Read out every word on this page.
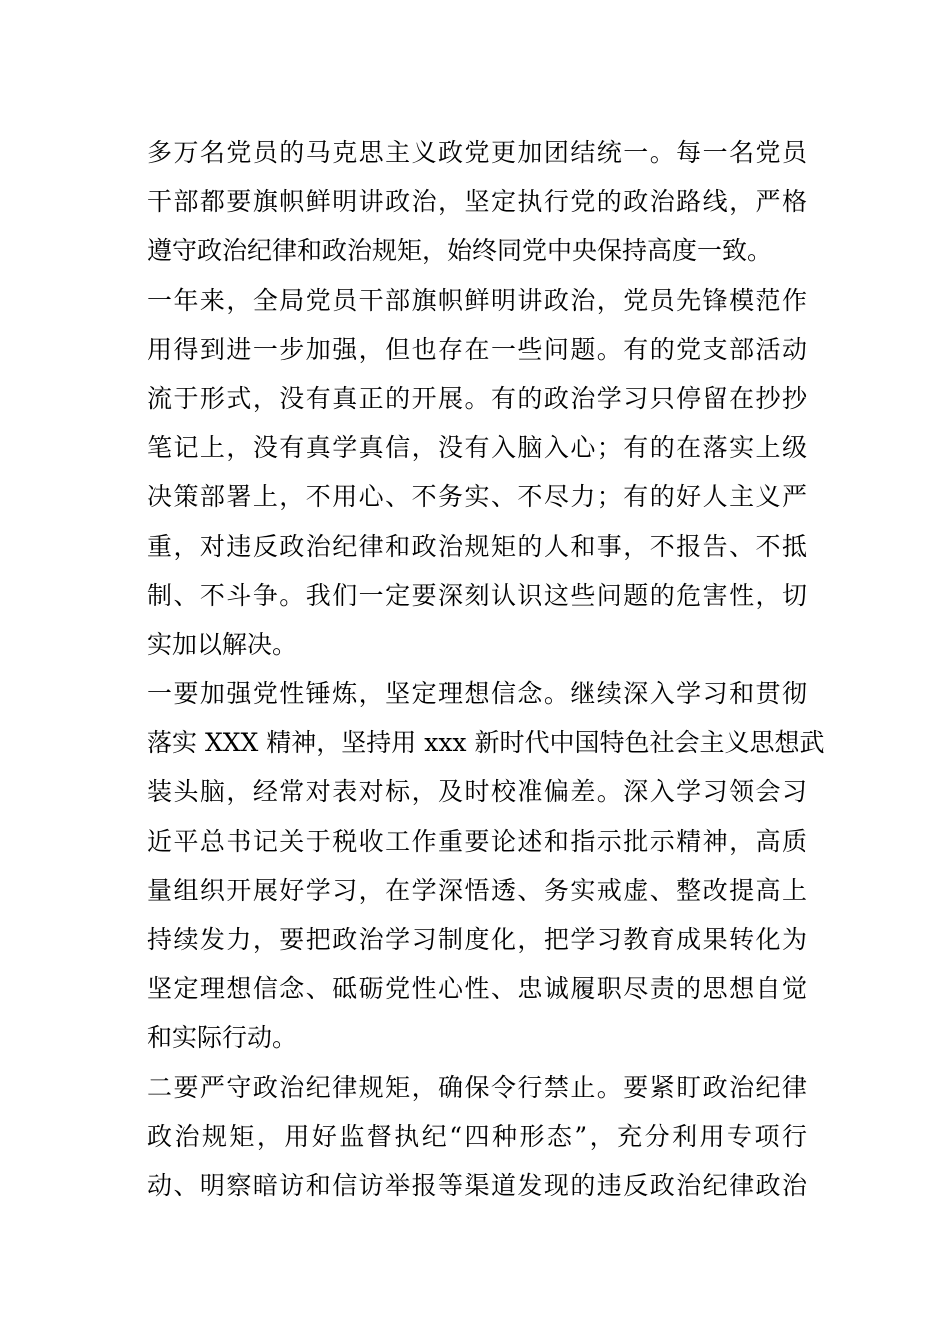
多万名党员的马克思主义政党更加团结统一。每一名党员
干部都要旗帜鲜明讲政治，坚定执行党的政治路线，严格
遵守政治纪律和政治规矩，始终同党中央保持高度一致。
一年来，全局党员干部旗帜鲜明讲政治，党员先锋模范作
用得到进一步加强，但也存在一些问题。有的党支部活动
流于形式，没有真正的开展。有的政治学习只停留在抄抄
笔记上，没有真学真信，没有入脑入心；有的在落实上级
决策部署上，不用心、不务实、不尽力；有的好人主义严
重，对违反政治纪律和政治规矩的人和事，不报告、不抵
制、不斗争。我们一定要深刻认识这些问题的危害性，切
实加以解决。
一要加强党性锤炼，坚定理想信念。继续深入学习和贯彻
落实 XXX 精神，坚持用 xxx 新时代中国特色社会主义思想武
装头脑，经常对表对标，及时校准偏差。深入学习领会习
近平总书记关于税收工作重要论述和指示批示精神，高质
量组织开展好学习，在学深悟透、务实戒虚、整改提高上
持续发力，要把政治学习制度化，把学习教育成果转化为
坚定理想信念、砥砺党性心性、忠诚履职尽责的思想自觉
和实际行动。
二要严守政治纪律规矩，确保令行禁止。要紧盯政治纪律
政治规矩，用好监督执纪“四种形态”，充分利用专项行
动、明察暗访和信访举报等渠道发现的违反政治纪律政治
